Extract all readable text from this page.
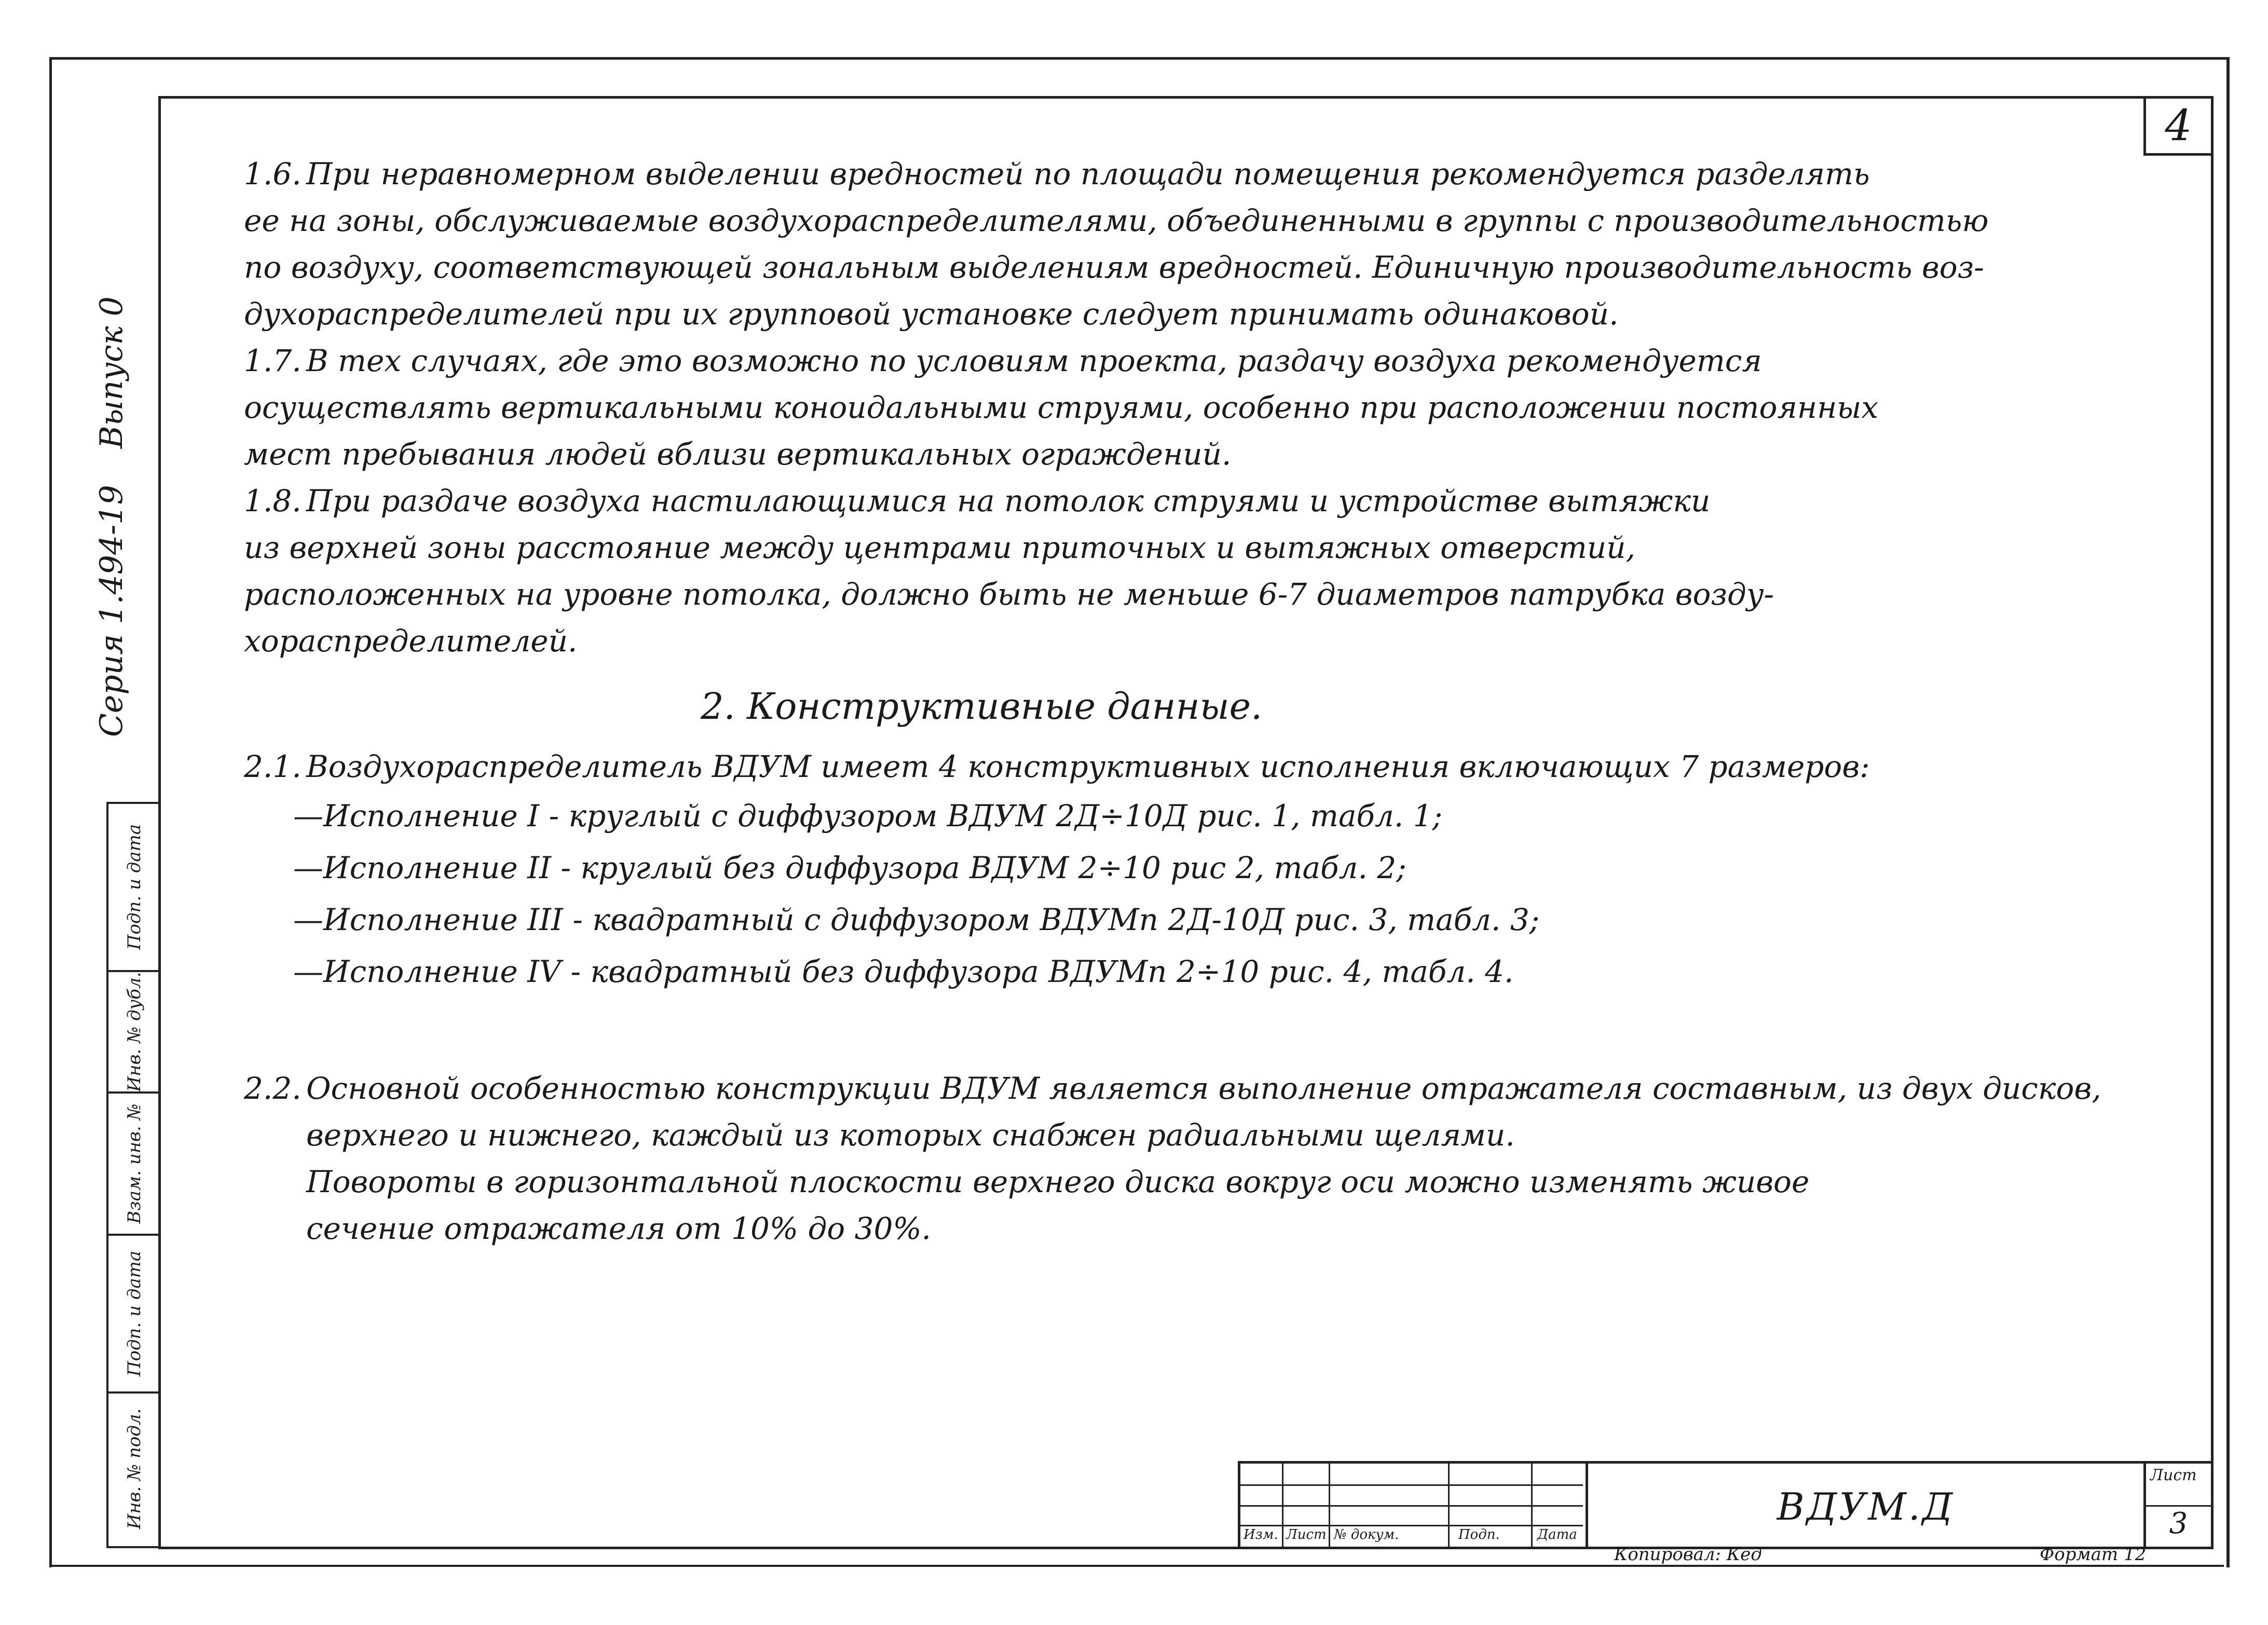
4
Серия 1.494-19
Выпуск 0
Подп. и дата
Инв. № дубл.
Взам. инв. №
Подп. и дата
Инв. № подл.

1.6. При неравномерном выделении вредностей по площади помещения рекомендуется разделять
ее на зоны, обслуживаемые воздухораспределителями, объединенными в группы с производительностью
по воздуху, соответствующей зональным выделениям вредностей. Единичную производительность воз-
духораспределителей при их групповой установке следует принимать одинаковой.

1.7. В тех случаях, где это возможно по условиям проекта, раздачу воздуха рекомендуется
осуществлять вертикальными коноидальными струями, особенно при расположении постоянных
мест пребывания людей вблизи вертикальных ограждений.

1.8. При раздаче воздуха настилающимися на потолок струями и устройстве вытяжки
из верхней зоны расстояние между центрами приточных и вытяжных отверстий,
расположенных на уровне потолка, должно быть не меньше 6-7 диаметров патрубка возду-
хораспределителей.

2. Конструктивные данные.

2.1. Воздухораспределитель ВДУМ имеет 4 конструктивных исполнения включающих 7 размеров:

—Исполнение I - круглый с диффузором ВДУМ 2Д÷10Д рис. 1, табл. 1;

—Исполнение II - круглый без диффузора ВДУМ 2÷10 рис 2, табл. 2;

—Исполнение III - квадратный с диффузором ВДУМп 2Д-10Д рис. 3, табл. 3;

—Исполнение IV - квадратный без диффузора ВДУМп 2÷10 рис. 4, табл. 4.

2.2. Основной особенностью конструкции ВДУМ является выполнение отражателя составным, из двух дисков,
верхнего и нижнего, каждый из которых снабжен радиальными щелями.
Повороты в горизонтальной плоскости верхнего диска вокруг оси можно изменять живое
сечение отражателя от 10% до 30%.

Изм. Лист № докум.	Подп.	Дата
ВДУМ.Д
Лист
3
Копировал: Кед	Формат 12
